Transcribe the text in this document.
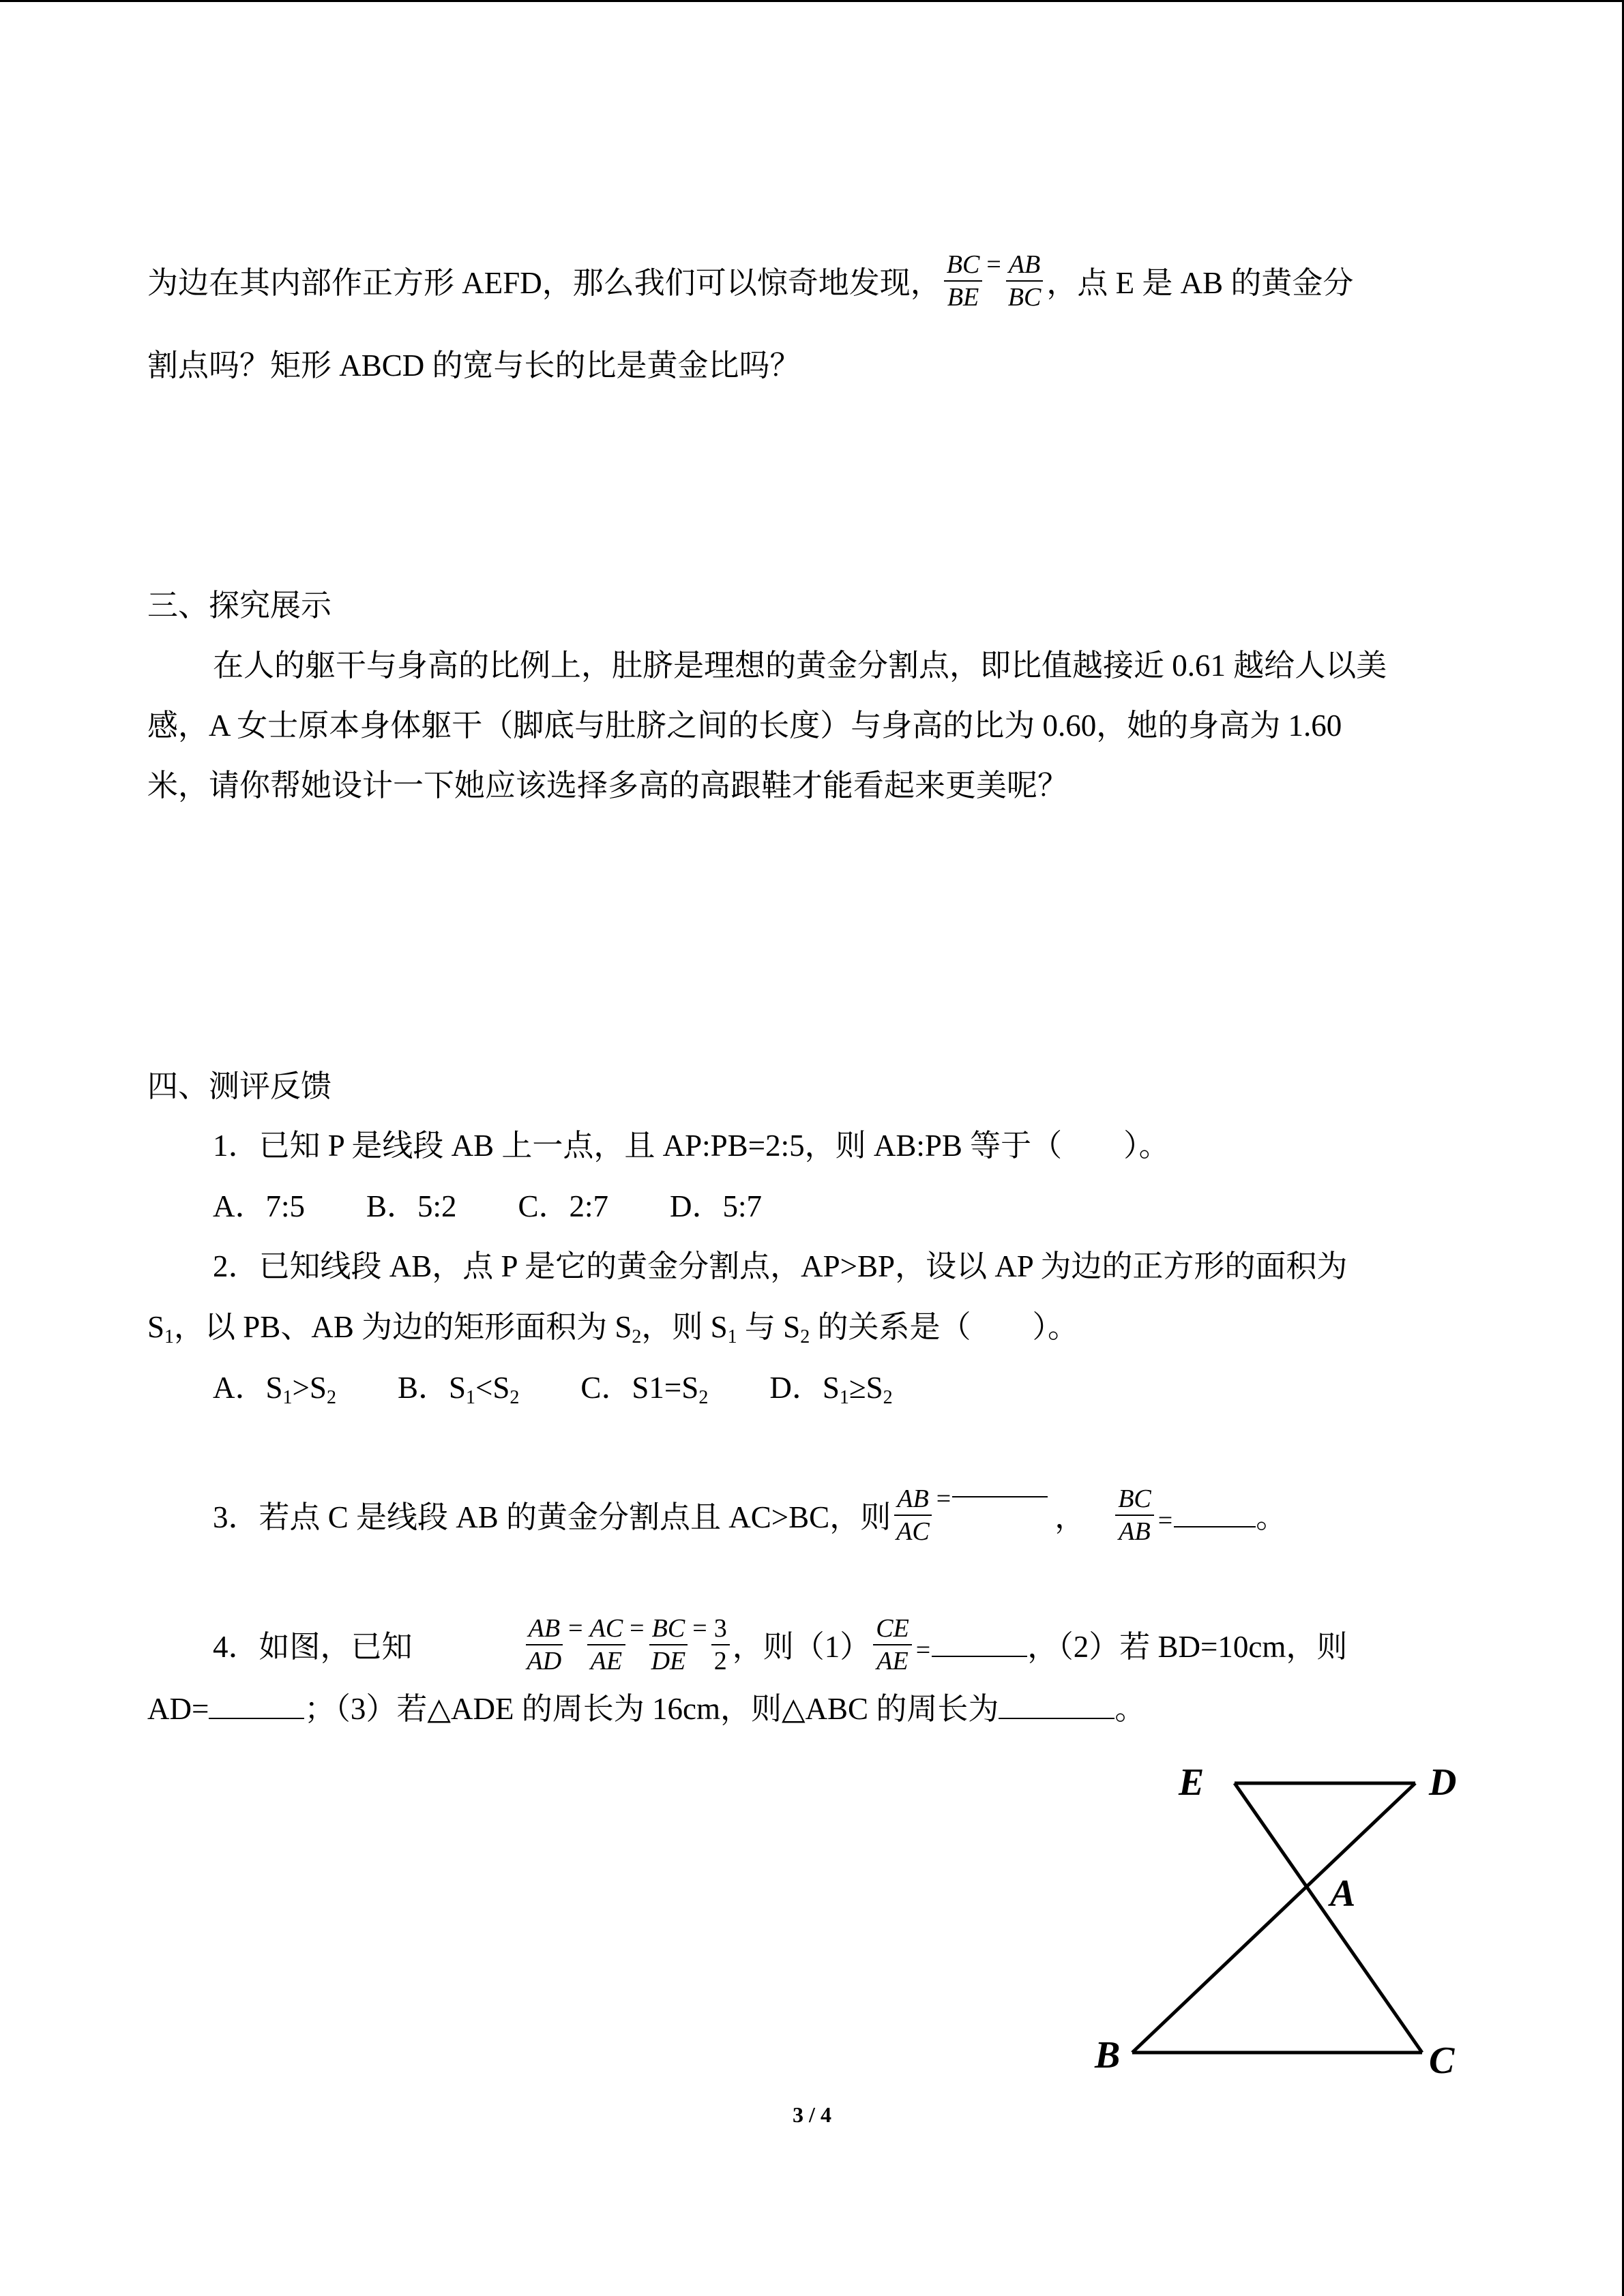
为边在其内部作正方形 AEFD，那么我们可以惊奇地发现， $\frac{BC}{BE} = \frac{AB}{BC}$ ，点 E 是 AB 的黄金分
割点吗？矩形 ABCD 的宽与长的比是黄金比吗？
三、探究展示
在人的躯干与身高的比例上，肚脐是理想的黄金分割点，即比值越接近 0.61 越给人以美
感，A 女士原本身体躯干（脚底与肚脐之间的长度）与身高的比为 0.60，她的身高为 1.60
米，请你帮她设计一下她应该选择多高的高跟鞋才能看起来更美呢？
四、测评反馈
1．已知 P 是线段 AB 上一点，且 AP:PB=2:5，则 AB:PB 等于（　　）。
A．7:5　　B．5:2　　C．2:7　　D．5:7
2．已知线段 AB，点 P 是它的黄金分割点，AP>BP，设以 AP 为边的正方形的面积为
$S_1$，以 PB、AB 为边的矩形面积为 $S_2$，则 $S_1$ 与 $S_2$ 的关系是（　　）。
A．$S_1>S_2$ B．$S_1<S_2$ C．$S1=S_2$ D．$S_1\ge S_2$
3．若点 C 是线段 AB 的黄金分割点且 AC>BC，则 $\frac{AB}{AC}$ =， $\frac{BC}{AB}$ =	。
4．如图，已知	$\frac{AB}{AD} = \frac{AC}{AE} = \frac{BC}{DE} = \frac{3}{2}$ ，则$(1) \frac{CE}{AE}$ =	，（2）若 BD=10cm，则
AD=	；（3）若△ADE 的周长为 16cm，则△ABC 的周长为	。
E	D
A
B	C
3 / 4
